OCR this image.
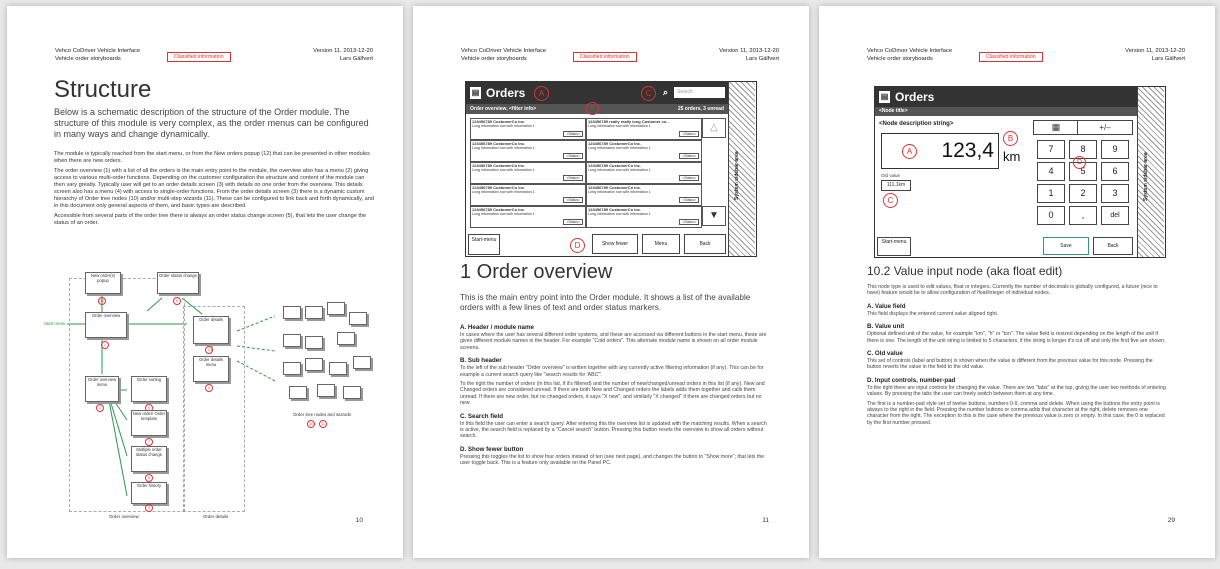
Vehco CoDriver Vehicle Interface
Vehicle order storyboards	Classified information
Version 11, 2013-12-20
Lars Gälfvert
Structure
Below is a schematic description of the structure of the Order module. The structure of this module is very complex, as the order menus can be configured in many ways and change dynamically.

The module is typically reached from the start menu, or from the New orders popup (12) that can be presented in other modules when there are new orders.

The order overview (1) with a list of all the orders is the main entry point to the module, the overview also has a menu (2) giving access to various multi-order functions. Depending on the customer configuration the structure and content of the module can then vary greatly. Typically user will get to an order details screen (3) with details on one order from the overview. This details screen also has a menu (4) with access to single-order functions. From the order details screen (3) there is a dynamic custom hierarchy of Order tree nodes (10) and/or multi-step wizards (11). These can be configured to link back and forth dynamically, and in this document only general aspects of them, and basic types are described.

Accessible from several parts of the order tree there is always an order status change screen (5), that lets the user change the status of an order.

Start menu
New order(s) popup
12
Order status change
5
Order overview
1
Order overview menu
2
Order sorting
6
New order/ Order template
7
Multiple order status change
8
Order history
9
Order details
3
Order details menu
4
Order tree nodes and wizards
10	11
Order overview	Order details
10
Vehco CoDriver Vehicle Interface
Vehicle order storyboards	Classified information
Version 11, 2013-12-20
Lars Gälfvert
▤ Orders	A	C	⌕	Search
Order overview, <filter info>	B	25 orders, 3 unread
123456789 CustomerCo Inc.
Long information row with information 1
<Status>
123456789 really really long Customer co...
Long information row with information 1
<Status>
123456789 CustomerCo Inc.
Long information row with information 1
<Status>
123456789 CustomerCo Inc.
Long information row with information 1
<Status>
123456789 CustomerCo Inc.
Long information row with information 1
<Status>
123456789 CustomerCo Inc.
Long information row with information 1
<Status>
123456789 CustomerCo Inc.
Long information row with information 1
<Status>
123456789 CustomerCo Inc.
Long information row with information 1
<Status>
123456789 CustomerCo Inc.
Long information row with information 1
<Status>
123456789 CustomerCo Inc.
Long information row with information 1
<Status>
△
▼
Start-menu
D	Show fewer	Menu	Back
System sidebar area
1 Order overview
This is the main entry point into the Order module. It shows a list of the available orders with a few lines of text and order status markers.
A. Header / module name

In cases where the user has several different order systems, and these are accessed via different buttons in the start menu, these are given different module names in the header. For example "Cold orders". This alternate module name is shown on all order module screens.

B. Sub header

To the left of the sub header "Order overview" is written together with any currently active filtering information (if any). This can be for example a current search query like "search results for 'ABC'".

To the right the number of orders (in this list, if it's filtered) and the number of new/changed/unread orders in this list (if any). New and Changed orders are considered unread. If there are both New and Changed orders the labels adds them together and calls them unread. If there are new order, but no changed orders, it says "X new", and similarly "X changed" if there are changed orders but no new.

C. Search field

In this field the user can enter a search query. After entering this the overview list is updated with the matching results. When a search is active, the search field is replaced by a "Cancel search" button. Pressing this button resets the overview to show all orders without search.

D. Show fewer button

Pressing this toggles the list to show four orders instead of ten (see next page), and changes the button to "Show more"; that lets the user toggle back. This is a feature only available on the Panel PC.

11
Vehco CoDriver Vehicle Interface
Vehicle order storyboards	Classified information
Version 11, 2013-12-20
Lars Gälfvert
▤ Orders
<Node title>
<Node description string>
A 123,4
B
km
Old value
111,1km
C
▦	+/–
7	8	9
4	5	6
1	2	3
0	,	del
D
Start-menu
Save	Back
System sidebar area
10.2 Value input node (aka float edit)

This node type is used to edit values, float or integers. Currently the number of decimals is globally configured, a future (nice to have) feature would be to allow configuration of float/integer of individual nodes.

A. Value field

This field displays the entered current value aligned right.

B. Value unit

Optional defined unit of the value, for example "km", "h" or "ton". The value field is resized depending on the length of the unit if there is one. The length of the unit string is limited to 5 characters, if the string is longer it's cut off and only the first five are shown.

C. Old value

This set of controls (label and button) is shown when the value is different from the previous value for this node. Pressing the button reverts the value in the field to the old value.

D. Input controls, number-pad

To the right there are input controls for changing the value. There are two "tabs" at the top, giving the user two methods of entering values. By pressing the tabs the user can freely switch between them at any time.

The first is a number-pad style set of twelve buttons, numbers 0-9, comma and delete. When using the buttons the entry point is always to the right in the field. Pressing the number buttons or comma adds that character at the right, delete removes one character from the right. The exception to this is the case where the previous value is zero or empty. In this case, the 0 is replaced by the first number pressed.

29
